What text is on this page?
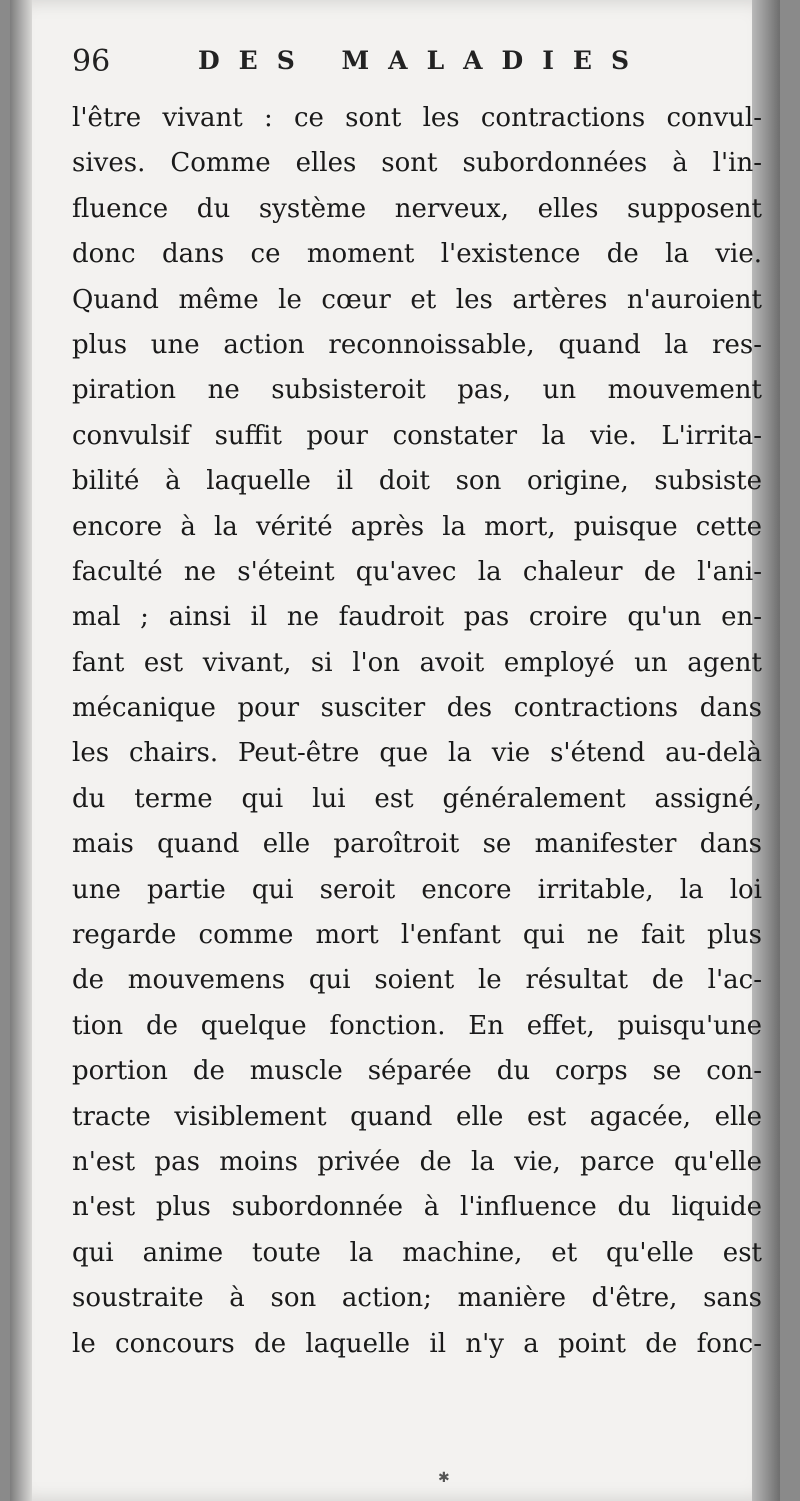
96	DES MALADIES
l'être vivant : ce sont les contractions convul-
sives. Comme elles sont subordonnées à l'in-
fluence du système nerveux, elles supposent
donc dans ce moment l'existence de la vie.
Quand même le cœur et les artères n'auroient
plus une action reconnoissable, quand la res-
piration ne subsisteroit pas, un mouvement
convulsif suffit pour constater la vie. L'irrita-
bilité à laquelle il doit son origine, subsiste
encore à la vérité après la mort, puisque cette
faculté ne s'éteint qu'avec la chaleur de l'ani-
mal ; ainsi il ne faudroit pas croire qu'un en-
fant est vivant, si l'on avoit employé un agent
mécanique pour susciter des contractions dans
les chairs. Peut-être que la vie s'étend au-delà
du terme qui lui est généralement assigné,
mais quand elle paroîtroit se manifester dans
une partie qui seroit encore irritable, la loi
regarde comme mort l'enfant qui ne fait plus
de mouvemens qui soient le résultat de l'ac-
tion de quelque fonction. En effet, puisqu'une
portion de muscle séparée du corps se con-
tracte visiblement quand elle est agacée, elle
n'est pas moins privée de la vie, parce qu'elle
n'est plus subordonnée à l'influence du liquide
qui anime toute la machine, et qu'elle est
soustraite à son action; manière d'être, sans
le concours de laquelle il n'y a point de fonc-
✱
